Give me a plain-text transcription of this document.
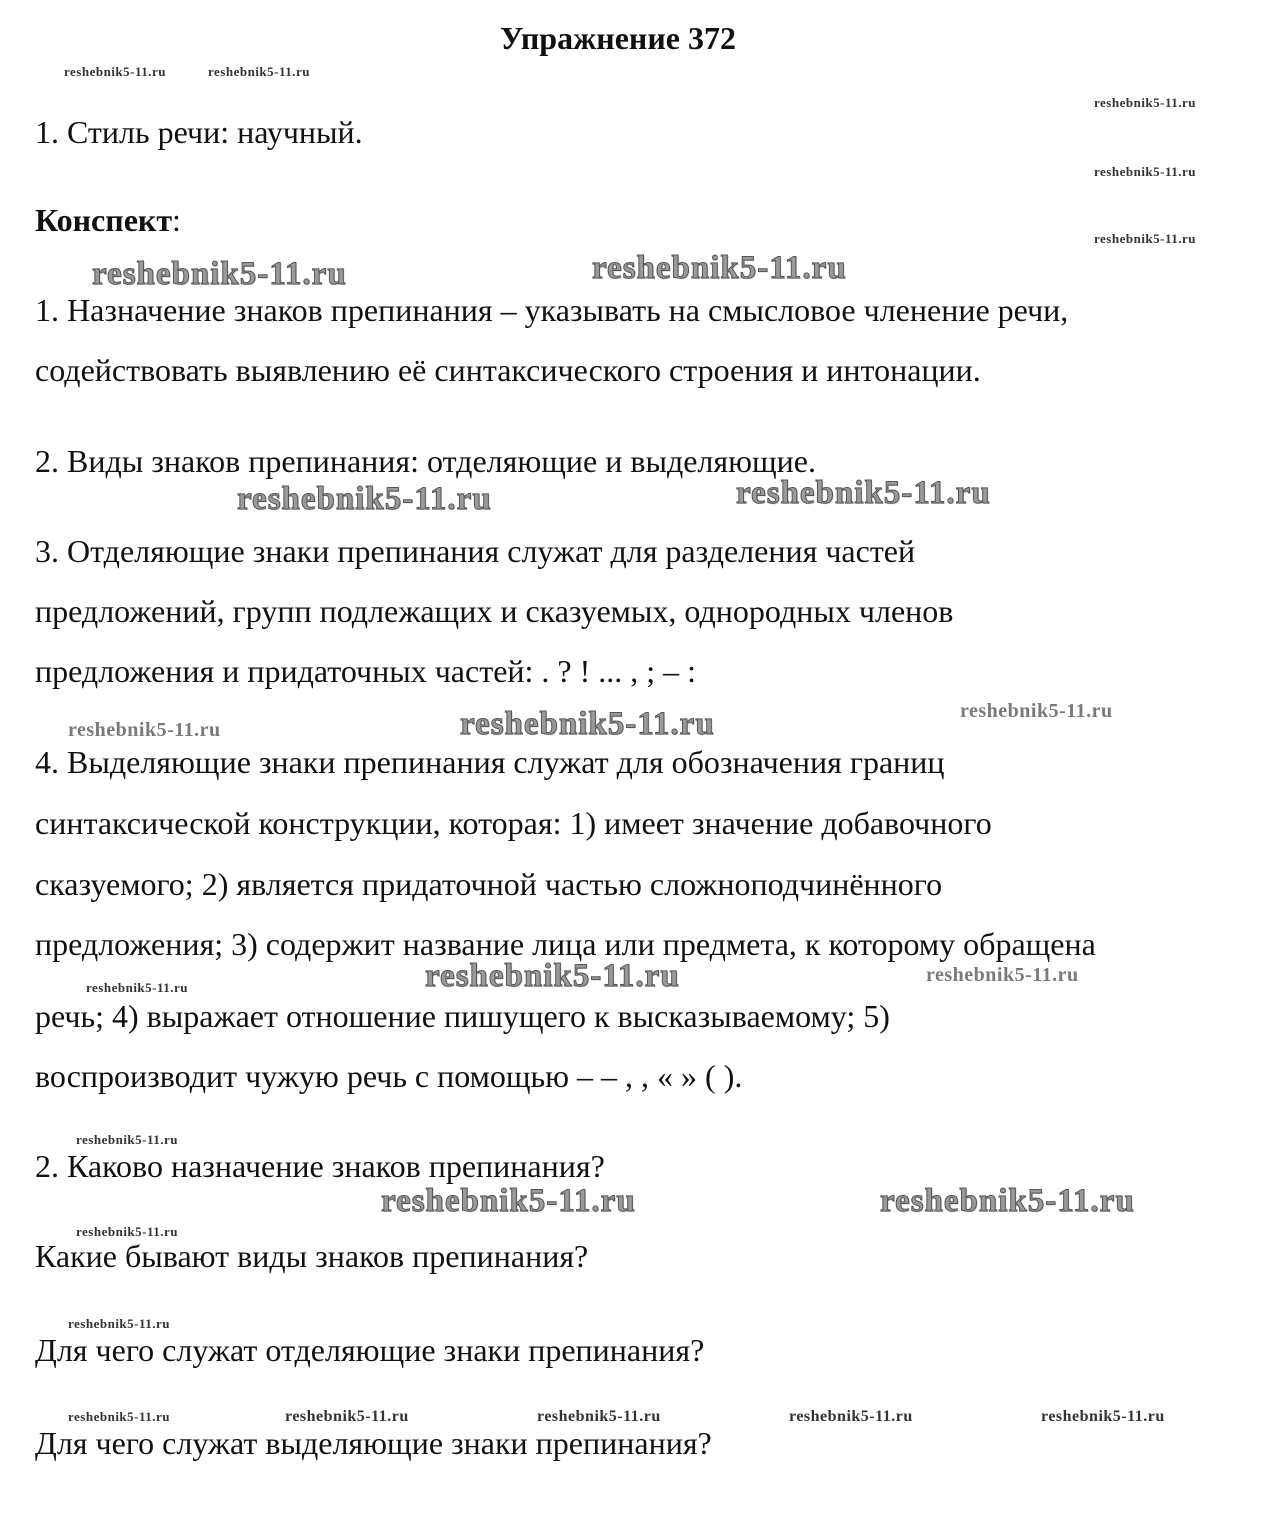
Упражнение 372
1. Стиль речи: научный.
Конспект:
1. Назначение знаков препинания – указывать на смысловое членение речи,
содействовать выявлению её синтаксического строения и интонации.
2. Виды знаков препинания: отделяющие и выделяющие.
3. Отделяющие знаки препинания служат для разделения частей
предложений, групп подлежащих и сказуемых, однородных членов
предложения и придаточных частей: . ? ! ... , ; – :
4. Выделяющие знаки препинания служат для обозначения границ
синтаксической конструкции, которая: 1) имеет значение добавочного
сказуемого; 2) является придаточной частью сложноподчинённого
предложения; 3) содержит название лица или предмета, к которому обращена
речь; 4) выражает отношение пишущего к высказываемому; 5)
воспроизводит чужую речь с помощью – – , , « » ( ).
2. Каково назначение знаков препинания?
Какие бывают виды знаков препинания?
Для чего служат отделяющие знаки препинания?
Для чего служат выделяющие знаки препинания?
reshebnik5-11.ru	reshebnik5-11.ru
reshebnik5-11.ru
reshebnik5-11.ru
reshebnik5-11.ru
reshebnik5-11.ru
reshebnik5-11.ru
reshebnik5-11.ru
reshebnik5-11.ru
reshebnik5-11.ru	reshebnik5-11.ru	reshebnik5-11.ru	reshebnik5-11.ru	reshebnik5-11.ru
reshebnik5-11.ru
reshebnik5-11.ru
reshebnik5-11.ru
reshebnik5-11.ru	reshebnik5-11.ru
reshebnik5-11.ru	reshebnik5-11.ru
reshebnik5-11.ru
reshebnik5-11.ru
reshebnik5-11.ru	reshebnik5-11.ru
